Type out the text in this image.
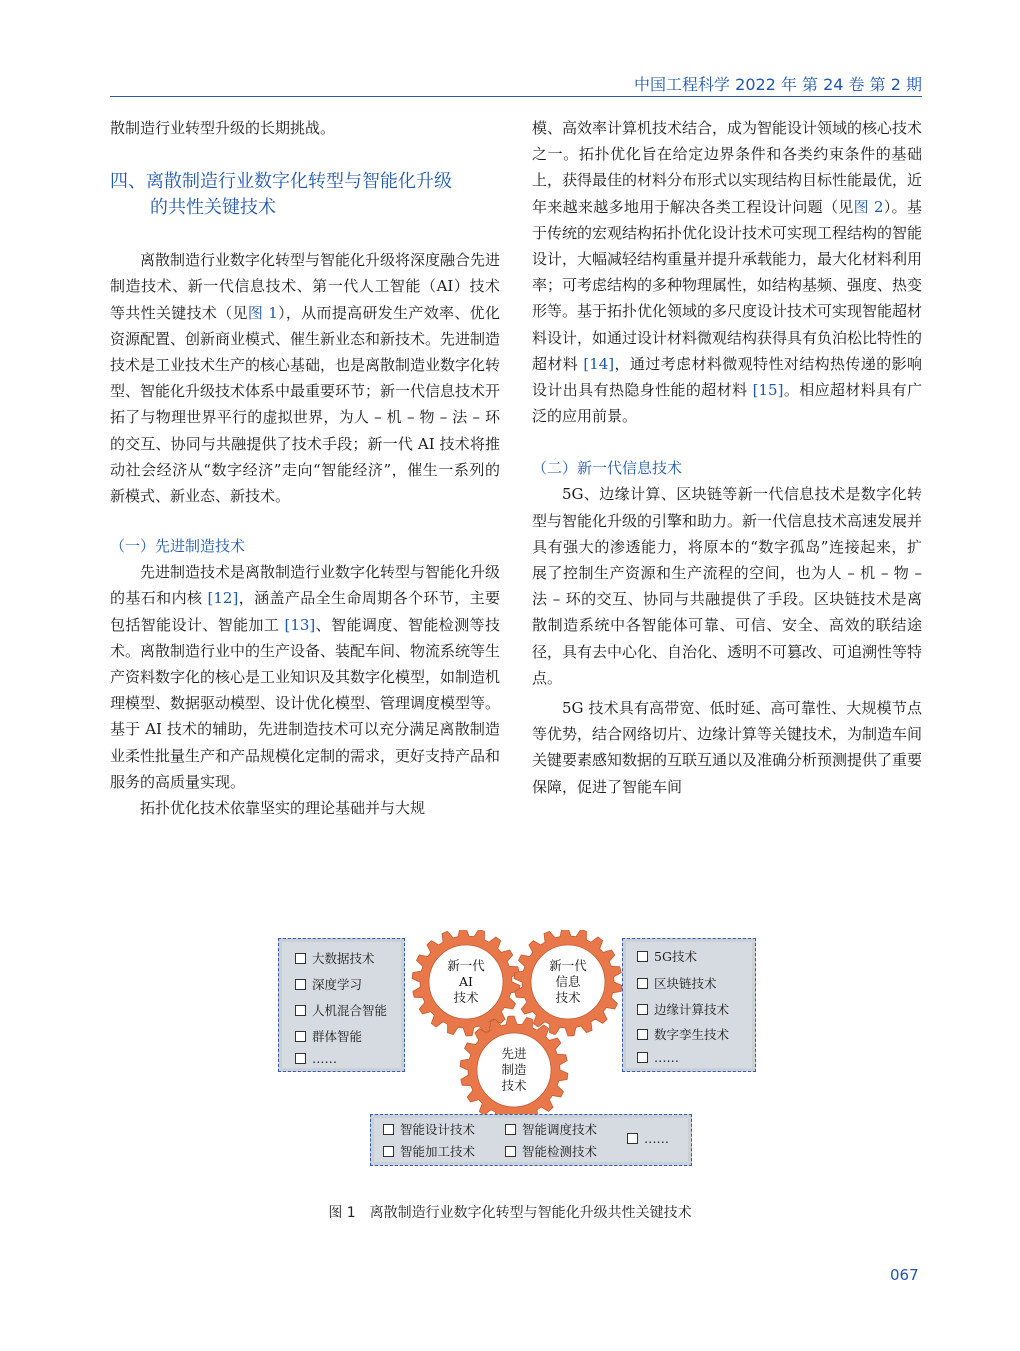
中国工程科学 2022 年 第 24 卷 第 2 期

散制造行业转型升级的长期挑战。

四、离散制造行业数字化转型与智能化升级
的共性关键技术

离散制造行业数字化转型与智能化升级将深度融合先进制造技术、新一代信息技术、第一代人工智能（AI）技术等共性关键技术（见图 1），从而提高研发生产效率、优化资源配置、创新商业模式、催生新业态和新技术。先进制造技术是工业技术生产的核心基础，也是离散制造业数字化转型、智能化升级技术体系中最重要环节；新一代信息技术开拓了与物理世界平行的虚拟世界，为人 – 机 – 物 – 法 – 环的交互、协同与共融提供了技术手段；新一代 AI 技术将推动社会经济从“数字经济”走向“智能经济”，催生一系列的新模式、新业态、新技术。

（一）先进制造技术

先进制造技术是离散制造行业数字化转型与智能化升级的基石和内核 [12]，涵盖产品全生命周期各个环节，主要包括智能设计、智能加工 [13]、智能调度、智能检测等技术。离散制造行业中的生产设备、装配车间、物流系统等生产资料数字化的核心是工业知识及其数字化模型，如制造机理模型、数据驱动模型、设计优化模型、管理调度模型等。基于 AI 技术的辅助，先进制造技术可以充分满足离散制造业柔性批量生产和产品规模化定制的需求，更好支持产品和服务的高质量实现。

拓扑优化技术依靠坚实的理论基础并与大规

模、高效率计算机技术结合，成为智能设计领域的核心技术之一。拓扑优化旨在给定边界条件和各类约束条件的基础上，获得最佳的材料分布形式以实现结构目标性能最优，近年来越来越多地用于解决各类工程设计问题（见图 2）。基于传统的宏观结构拓扑优化设计技术可实现工程结构的智能设计，大幅减轻结构重量并提升承载能力，最大化材料利用率；可考虑结构的多种物理属性，如结构基频、强度、热变形等。基于拓扑优化领域的多尺度设计技术可实现智能超材料设计，如通过设计材料微观结构获得具有负泊松比特性的超材料 [14]，通过考虑材料微观特性对结构热传递的影响设计出具有热隐身性能的超材料 [15]。相应超材料具有广泛的应用前景。

（二）新一代信息技术

5G、边缘计算、区块链等新一代信息技术是数字化转型与智能化升级的引擎和助力。新一代信息技术高速发展并具有强大的渗透能力，将原本的“数字孤岛”连接起来，扩展了控制生产资源和生产流程的空间，也为人 – 机 – 物 – 法 – 环的交互、协同与共融提供了手段。区块链技术是离散制造系统中各智能体可靠、可信、安全、高效的联结途径，具有去中心化、自治化、透明不可篡改、可追溯性等特点。

5G 技术具有高带宽、低时延、高可靠性、大规模节点等优势，结合网络切片、边缘计算等关键技术，为制造车间关键要素感知数据的互联互通以及准确分析预测提供了重要保障，促进了智能车间

大数据技术
深度学习
人机混合智能
群体智能
……
5G技术
区块链技术
边缘计算技术
数字孪生技术
……
智能设计技术	智能调度技术
智能加工技术	智能检测技术
……
新一代
AI
技术
新一代
信息
技术
先进
制造
技术
图 1　离散制造行业数字化转型与智能化升级共性关键技术
067
